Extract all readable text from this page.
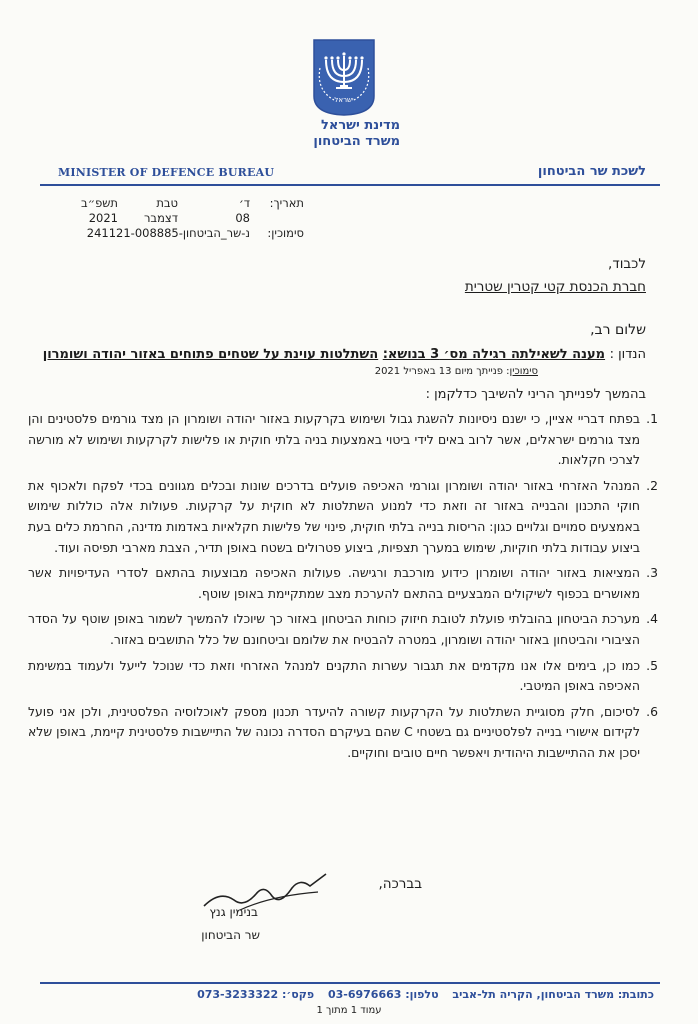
ישראל
מדינת ישראל
משרד הביטחון
MINISTER OF DEFENCE BUREAU	לשכת שר הביטחון
תאריך:
ד׳
טבת
תשפ״ב
08
דצמבר
2021
סימוכין:
נ-שר_הביטחון-241121-008885
לכבוד,
חברת הכנסת קטי קטרין שטרית
שלום רב,
הנדון : מענה לשאילתה רגילה מס׳ 3 בנושא: השתלטות עוינת על שטחים פתוחים באזור יהודה ושומרון
סימוכין: פנייתך מיום 13 באפריל 2021
בהמשך לפנייתך הריני להשיבך כדלקמן :
1.
בפתח דבריי אציין, כי ישנם ניסיונות להשגת גבול ושימוש בקרקעות באזור יהודה ושומרון הן מצד גורמים פלסטינים והן מצד גורמים ישראלים, אשר לרוב באים לידי ביטוי באמצעות בניה בלתי חוקית או פלישות לקרקעות ושימוש לא מורשה לצרכי חקלאות.
2.
המנהל האזרחי באזור יהודה ושומרון וגורמי האכיפה פועלים בדרכים שונות ובכלים מגוונים בכדי לפקח ולאכוף את חוקי התכנון והבנייה באזור זה וזאת כדי למנוע השתלטות לא חוקית על קרקעות. פעולות אלה כוללות שימוש באמצעים סמויים וגלויים כגון: הריסות בנייה בלתי חוקית, פינוי של פלישות חקלאיות באדמות מדינה, החרמת כלים בעת ביצוע עבודות בלתי חוקיות, שימוש במערך תצפיות, ביצוע פטרולים בשטח באופן תדיר, הצבת מארבי תפיסה ועוד.
3.
המציאות באזור יהודה ושומרון כידוע מורכבת ורגישה. פעולות האכיפה מבוצעות בהתאם לסדרי העדיפויות אשר מאושרים בכפוף לשיקולים המבצעיים בהתאם להערכת מצב שמתקיימת באופן שוטף.
4.
מערכת הביטחון בהובלתי פועלת לטובת חיזוק כוחות הביטחון באזור כך שיוכלו להמשיך לשמור באופן שוטף על הסדר הציבורי והביטחון באזור יהודה ושומרון, במטרה להבטיח את שלומם וביטחונם של כלל התושבים באזור.
5.
כמו כן, בימים אלו אנו מקדמים את תגבור עשרות התקנים למנהל האזרחי וזאת כדי שנוכל לייעל ולעמוד במשימת האכיפה באופן המיטבי.
6.
לסיכום, חלק מסוגיית השתלטות על הקרקעות קשורה להיעדר תכנון מספק לאוכלוסיה הפלסטינית, ולכן אני פועל לקידום אישורי בנייה לפלסטיניים גם בשטחי C שהם בעיקרם הסדרה נכונה של התיישבות פלסטינית קיימת, באופן שלא יסכן את ההתיישבות היהודית ויאפשר חיים טובים וחוקיים.
בברכה,
בנימין גנץ
שר הביטחון
כתובת: משרד הביטחון, הקריה תל-אביב טלפון: 03-6976663 פקס׳: 073-3233322
עמוד 1 מתוך 1
